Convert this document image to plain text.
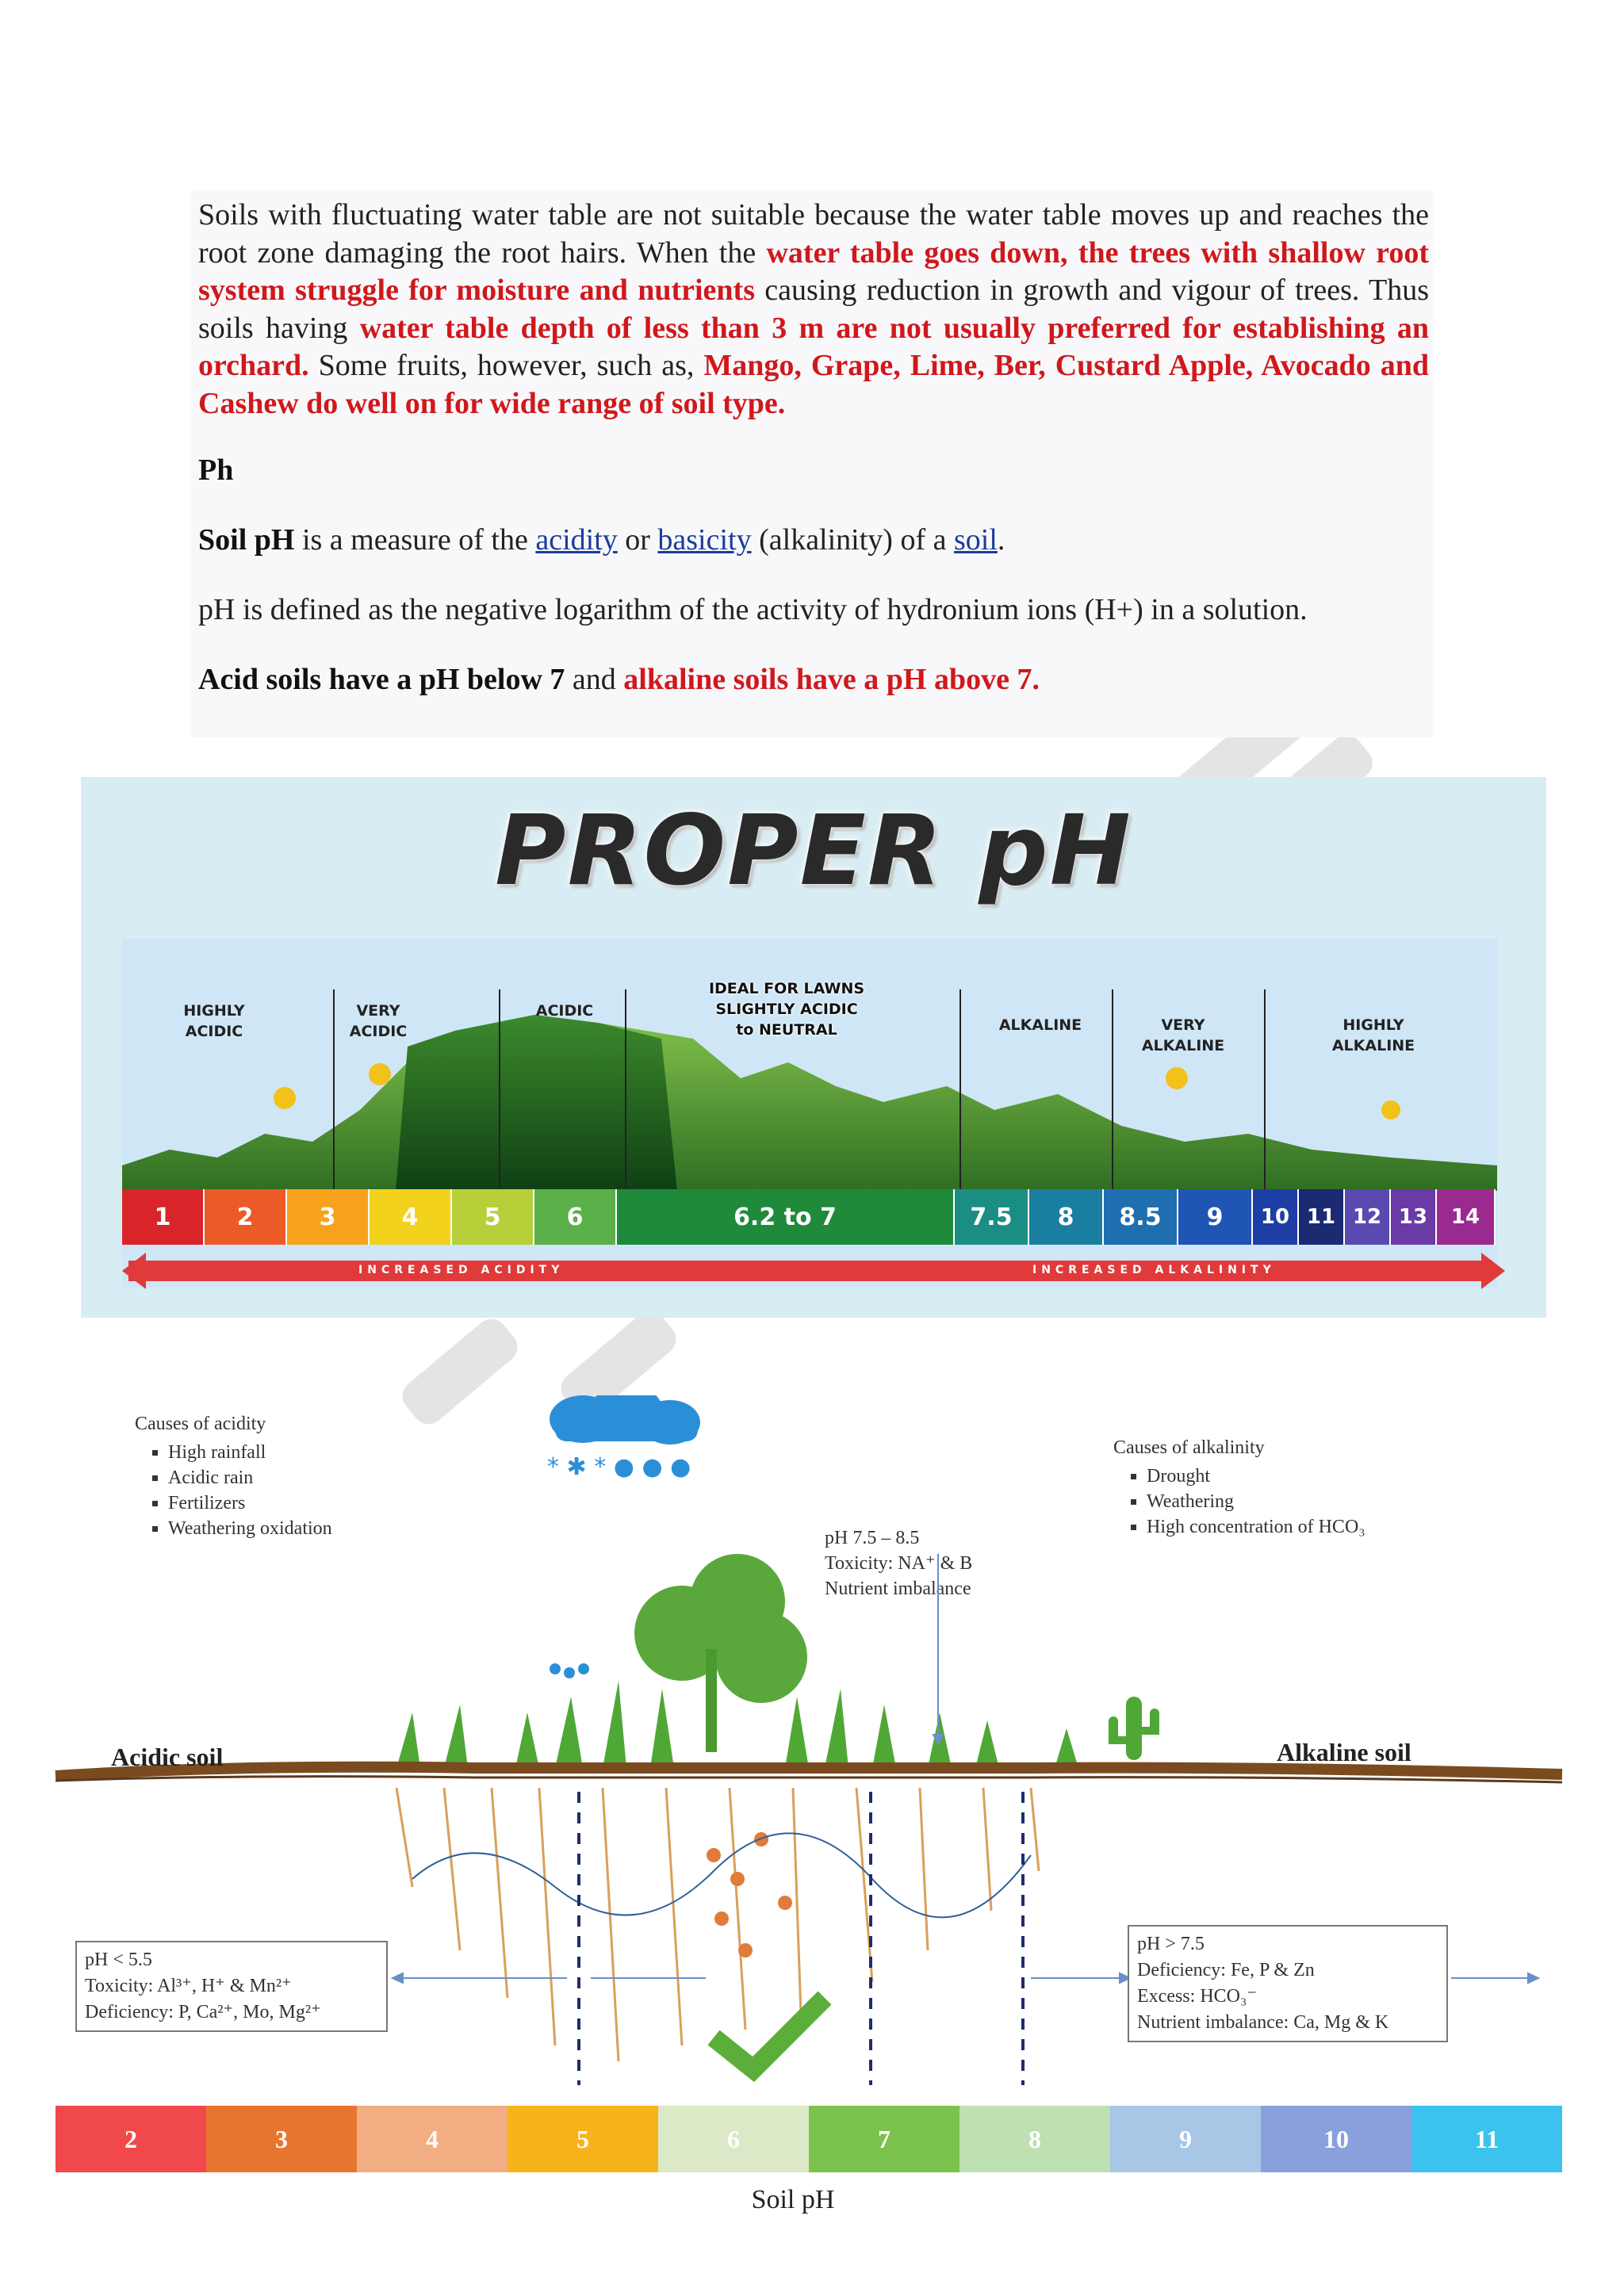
Soils with fluctuating water table are not suitable because the water table moves up and reaches the root zone damaging the root hairs. When the water table goes down, the trees with shallow root system struggle for moisture and nutrients causing reduction in growth and vigour of trees. Thus soils having water table depth of less than 3 m are not usually preferred for establishing an orchard. Some fruits, however, such as, Mango, Grape, Lime, Ber, Custard Apple, Avocado and Cashew do well on for wide range of soil type.

Ph

Soil pH is a measure of the acidity or basicity (alkalinity) of a soil.

pH is defined as the negative logarithm of the activity of hydronium ions (H+) in a solution.

Acid soils have a pH below 7 and alkaline soils have a pH above 7.

PROPER pH
HIGHLY ACIDIC
VERY ACIDIC
ACIDIC
IDEAL FOR LAWNS SLIGHTLY ACIDIC to NEUTRAL	ALKALINE	VERY ALKALINE
HIGHLY ALKALINE
1	2	3	4	5	6	6.2 to 7	7.5	8	8.5	9	10 11 12 13	14
INCREASED ACIDITY	INCREASED ALKALINITY
Causes of acidity
▪ High rainfall
▪ Acidic rain
▪ Fertilizers
▪ Weathering oxidation
Causes of alkalinity
▪ Drought
▪ Weathering
▪ High concentration of HCO₃
pH 7.5 – 8.5
Toxicity: NA⁺ & B
Nutrient imbalance
* ✱ * ● ● ●
Acidic soil	Alkaline soil
pH < 5.5
Toxicity: Al³⁺, H⁺ & Mn²⁺
Deficiency: P, Ca²⁺, Mo, Mg²⁺
pH > 7.5
Deficiency: Fe, P & Zn
Excess: HCO₃⁻
Nutrient imbalance: Ca, Mg & K
2	3	4	5	6	7	8	9	10	11
Soil pH
